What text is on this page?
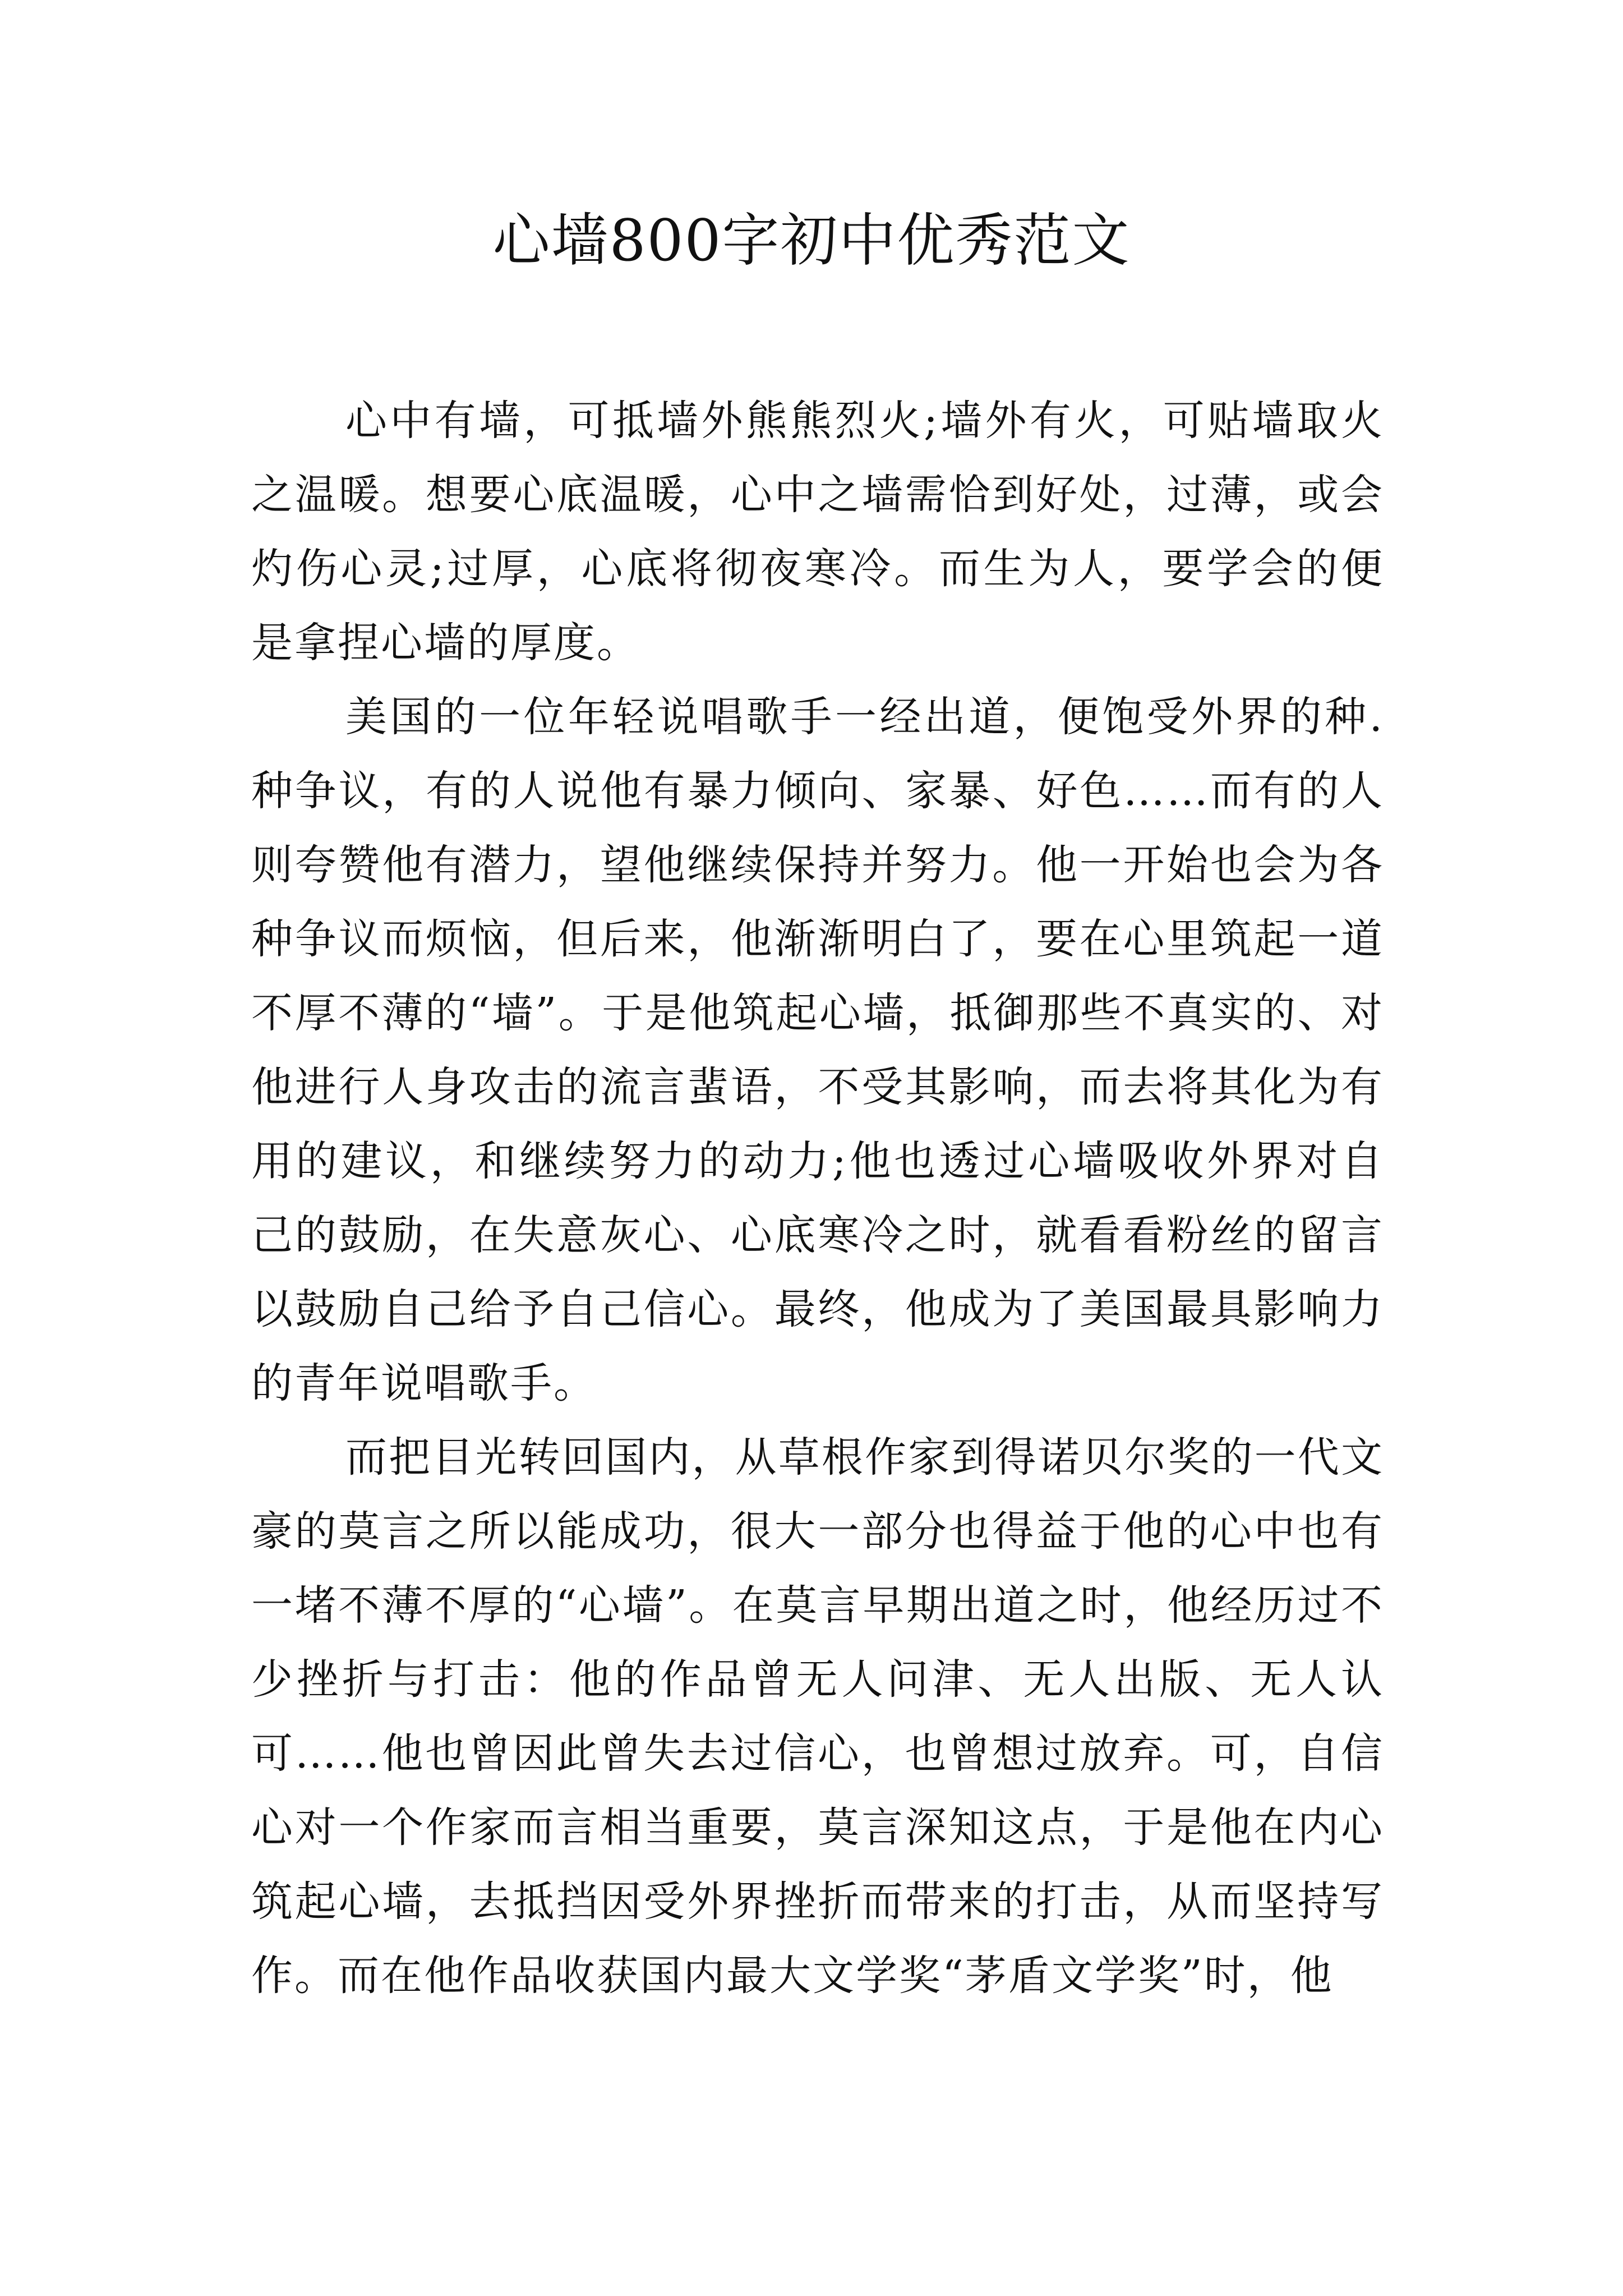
心墙800字初中优秀范文

心中有墙，可抵墙外熊熊烈火;墙外有火，可贴墙取火之温暖。想要心底温暖，心中之墙需恰到好处，过薄，或会灼伤心灵;过厚，心底将彻夜寒冷。而生为人，要学会的便是拿捏心墙的厚度。

美国的一位年轻说唱歌手一经出道，便饱受外界的种.种争议，有的人说他有暴力倾向、家暴、好色……而有的人则夸赞他有潜力，望他继续保持并努力。他一开始也会为各种争议而烦恼，但后来，他渐渐明白了，要在心里筑起一道不厚不薄的“墙”。于是他筑起心墙，抵御那些不真实的、对他进行人身攻击的流言蜚语，不受其影响，而去将其化为有用的建议，和继续努力的动力;他也透过心墙吸收外界对自己的鼓励，在失意灰心、心底寒冷之时，就看看粉丝的留言以鼓励自己给予自己信心。最终，他成为了美国最具影响力的青年说唱歌手。

而把目光转回国内，从草根作家到得诺贝尔奖的一代文豪的莫言之所以能成功，很大一部分也得益于他的心中也有一堵不薄不厚的“心墙”。在莫言早期出道之时，他经历过不少挫折与打击：他的作品曾无人问津、无人出版、无人认可……他也曾因此曾失去过信心，也曾想过放弃。可，自信心对一个作家而言相当重要，莫言深知这点，于是他在内心筑起心墙，去抵挡因受外界挫折而带来的打击，从而坚持写作。而在他作品收获国内最大文学奖“茅盾文学奖”时，他
